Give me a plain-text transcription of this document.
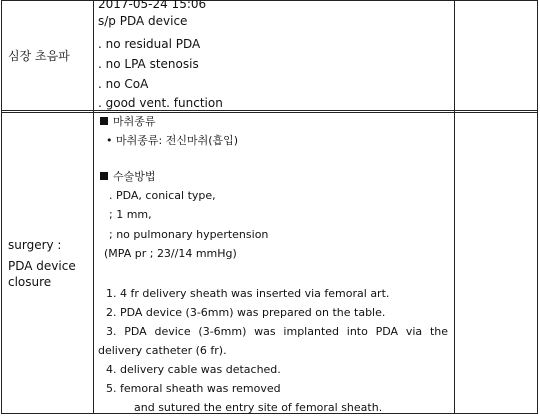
심장 초음파
2017-05-24 15:06
s/p PDA device
. no residual PDA
. no LPA stenosis
. no CoA
. good vent. function
surgery :
PDA device
closure
마취종류
• 마취종류: 전신마취(흡입)
수술방법
. PDA, conical type,
; 1 mm,
; no pulmonary hypertension
(MPA pr ; 23//14 mmHg)
1. 4 fr delivery sheath was inserted via femoral art.
2. PDA device (3-6mm) was prepared on the table.
3. PDA device (3-6mm) was implanted into PDA via the
delivery catheter (6 fr).
4. delivery cable was detached.
5. femoral sheath was removed
and sutured the entry site of femoral sheath.
